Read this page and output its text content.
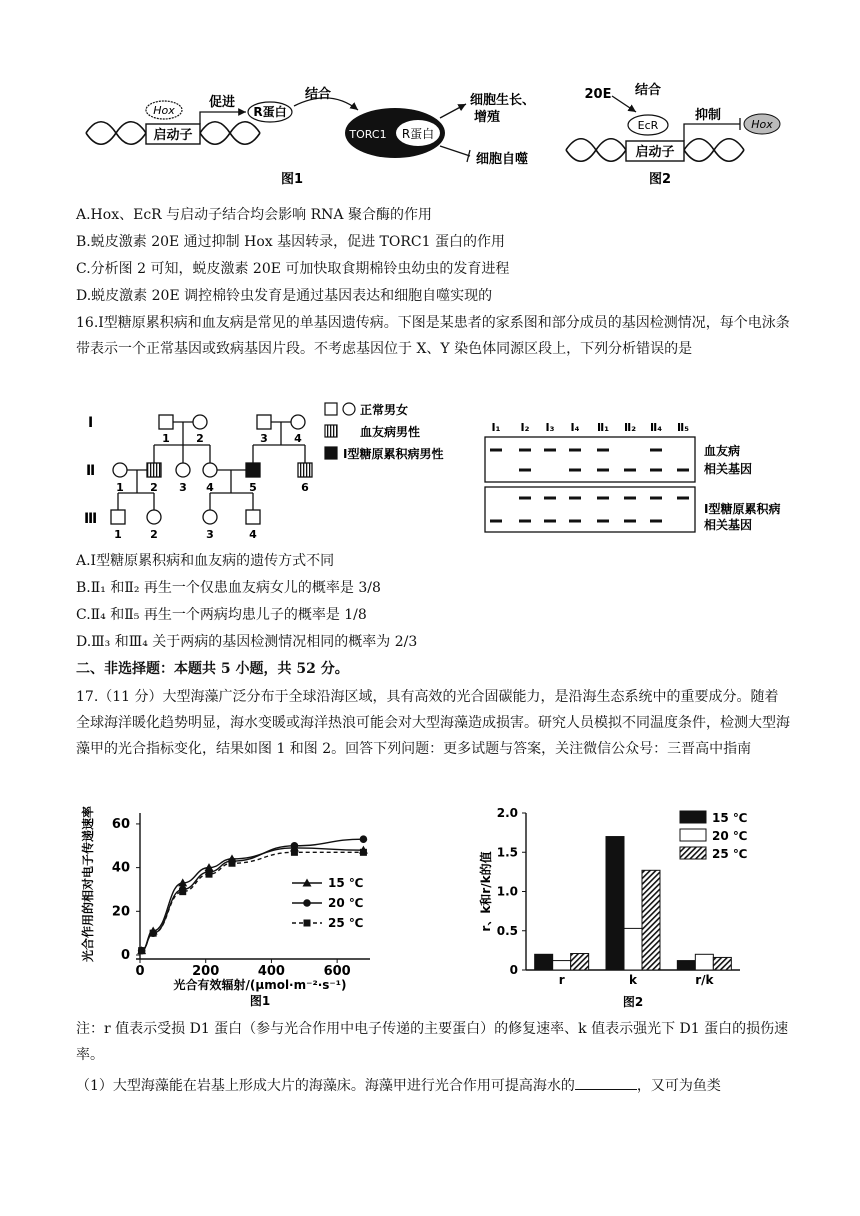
启动子
Hox
促进
R蛋白
结合
TORC1 R蛋白
细胞生长、
增殖
细胞自噬
图1
20E 结合
EcR
启动子
抑制
Hox
图2
A.Hox、EcR 与启动子结合均会影响 RNA 聚合酶的作用
B.蜕皮激素 20E 通过抑制 Hox 基因转录，促进 TORC1 蛋白的作用
C.分析图 2 可知，蜕皮激素 20E 可加快取食期棉铃虫幼虫的发育进程
D.蜕皮激素 20E 调控棉铃虫发育是通过基因表达和细胞自噬实现的
16.Ⅰ型糖原累积病和血友病是常见的单基因遗传病。下图是某患者的家系图和部分成员的基因检测情况，每个电泳条带表示一个正常基因或致病基因片段。不考虑基因位于 X、Y 染色体同源区段上，下列分析错误的是
Ⅰ
Ⅱ
Ⅲ
1 2	3 4
1 2 3 4	5	6
1	2	3	4
正常男女
血友病男性
Ⅰ型糖原累积病男性
Ⅰ₁ Ⅰ₂ Ⅰ₃ Ⅰ₄ Ⅱ₁ Ⅱ₂ Ⅱ₄ Ⅱ₅
血友病
相关基因
Ⅰ型糖原累积病
相关基因
A.Ⅰ型糖原累积病和血友病的遗传方式不同
B.Ⅱ₁ 和Ⅱ₂ 再生一个仅患血友病女儿的概率是 3/8
C.Ⅱ₄ 和Ⅱ₅ 再生一个两病均患儿子的概率是 1/8
D.Ⅲ₃ 和Ⅲ₄ 关于两病的基因检测情况相同的概率为 2/3
二、非选择题：本题共 5 小题，共 52 分。
17.（11 分）大型海藻广泛分布于全球沿海区域，具有高效的光合固碳能力，是沿海生态系统中的重要成分。随着全球海洋暖化趋势明显，海水变暖或海洋热浪可能会对大型海藻造成损害。研究人员模拟不同温度条件，检测大型海藻甲的光合指标变化，结果如图 1 和图 2。回答下列问题：更多试题与答案，关注微信公众号：三晋高中指南
0
20
40
60
0	200	400	600
光合有效辐射/(μmol·m⁻²·s⁻¹)
图1
光合作用的相对电子传递速率	15 ℃
20 ℃
25 ℃
0
0.5
1.0
1.5
2.0
r、k和r/k的值
r	k	r/k
图2
15 ℃
20 ℃
25 ℃
注：r 值表示受损 D1 蛋白（参与光合作用中电子传递的主要蛋白）的修复速率、k 值表示强光下 D1 蛋白的损伤速率。
（1）大型海藻能在岩基上形成大片的海藻床。海藻甲进行光合作用可提高海水的	，又可为鱼类
